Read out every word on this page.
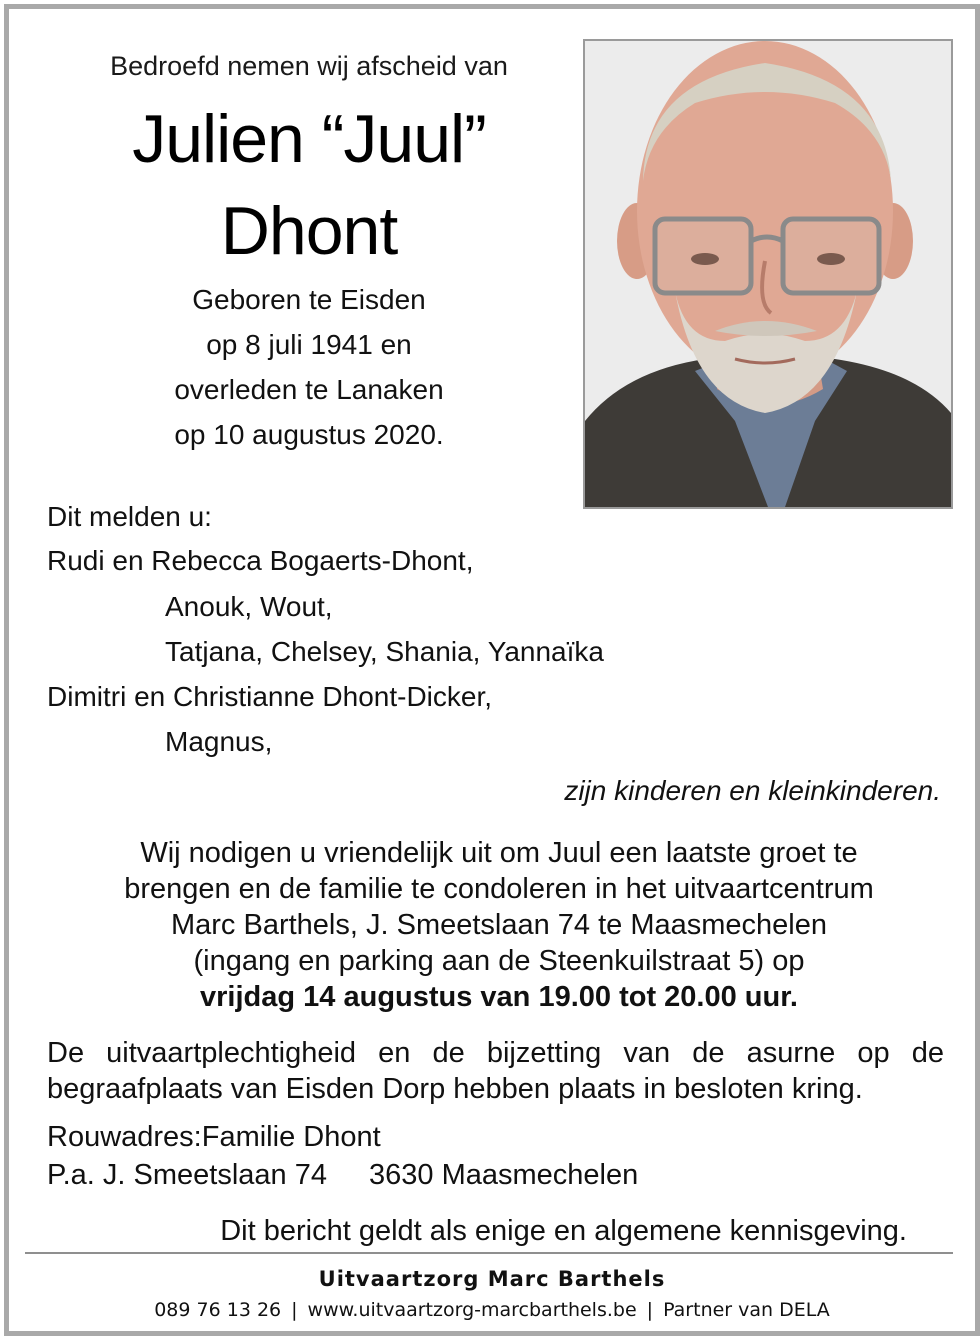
Bedroefd nemen wij afscheid van
Julien “Juul”
Dhont
Geboren te Eisden
op 8 juli 1941 en
overleden te Lanaken
op 10 augustus 2020.
Dit melden u:
Rudi en Rebecca Bogaerts-Dhont,
Anouk, Wout,
Tatjana, Chelsey, Shania, Yannaïka
Dimitri en Christianne Dhont-Dicker,
Magnus,
zijn kinderen en kleinkinderen.
Wij nodigen u vriendelijk uit om Juul een laatste groet te
brengen en de familie te condoleren in het uitvaartcentrum
Marc Barthels, J. Smeetslaan 74 te Maasmechelen
(ingang en parking aan de Steenkuilstraat 5) op
vrijdag 14 augustus van 19.00 tot 20.00 uur.
De uitvaartplechtigheid en de bijzetting van de asurne op de begraafplaats van Eisden Dorp hebben plaats in besloten kring.
Rouwadres:Familie Dhont
P.a. J. Smeetslaan 74 3630 Maasmechelen
Dit bericht geldt als enige en algemene kennisgeving.
Uitvaartzorg Marc Barthels
089 76 13 26 | www.uitvaartzorg-marcbarthels.be | Partner van DELA
